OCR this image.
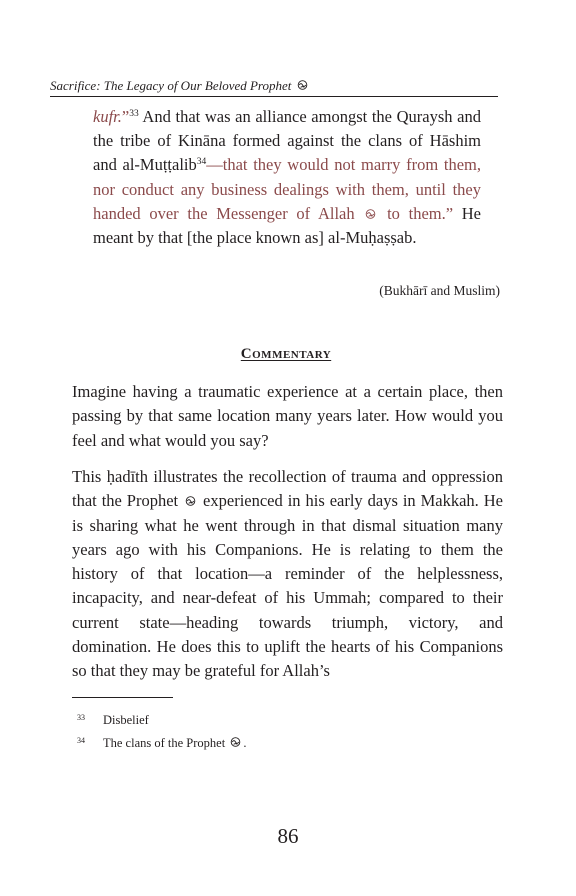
Sacrifice: The Legacy of Our Beloved Prophet
kufr.”$^{33}$ And that was an alliance amongst the Quraysh and the tribe of Kināna formed against the clans of Hāshim and al-Muṭṭalib$^{34}$—that they would not marry from them, nor conduct any business dealings with them, until they handed over the Messenger of Allah  to them.” He meant by that [the place known as] al-Muḥaṣṣab.
(Bukhārī and Muslim)
Commentary
Imagine having a traumatic experience at a certain place, then passing by that same location many years later. How would you feel and what would you say?
This ḥadīth illustrates the recollection of trauma and oppression that the Prophet  experienced in his early days in Makkah. He is sharing what he went through in that dismal situation many years ago with his Companions. He is relating to them the history of that location—a reminder of the helplessness, incapacity, and near-defeat of his Ummah; compared to their current state—heading towards triumph, victory, and domination. He does this to uplift the hearts of his Companions so that they may be grateful for Allah’s
33 Disbelief
34 The clans of the Prophet .
86
